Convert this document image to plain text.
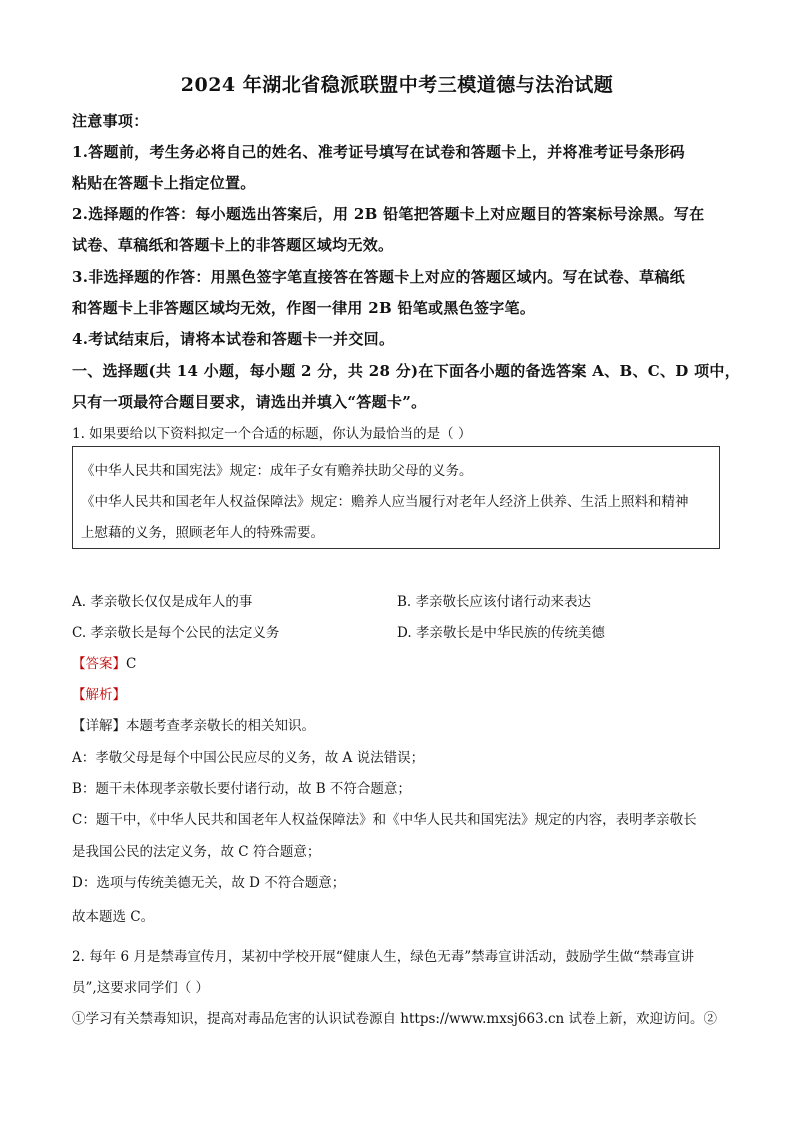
2024 年湖北省稳派联盟中考三模道德与法治试题
注意事项：
1.答题前，考生务必将自己的姓名、准考证号填写在试卷和答题卡上，并将准考证号条形码
粘贴在答题卡上指定位置。
2.选择题的作答：每小题选出答案后，用 2B 铅笔把答题卡上对应题目的答案标号涂黑。写在
试卷、草稿纸和答题卡上的非答题区域均无效。
3.非选择题的作答：用黑色签字笔直接答在答题卡上对应的答题区域内。写在试卷、草稿纸
和答题卡上非答题区域均无效，作图一律用 2B 铅笔或黑色签字笔。
4.考试结束后，请将本试卷和答题卡一并交回。
一、选择题(共 14 小题，每小题 2 分，共 28 分)在下面各小题的备选答案 A、B、C、D 项中，
只有一项最符合题目要求，请选出并填入“答题卡”。
1. 如果要给以下资料拟定一个合适的标题，你认为最恰当的是（ ）
《中华人民共和国宪法》规定：成年子女有赡养扶助父母的义务。
《中华人民共和国老年人权益保障法》规定：赡养人应当履行对老年人经济上供养、生活上照料和精神
上慰藉的义务，照顾老年人的特殊需要。
A. 孝亲敬长仅仅是成年人的事	B. 孝亲敬长应该付诸行动来表达
C. 孝亲敬长是每个公民的法定义务	D. 孝亲敬长是中华民族的传统美德
【答案】C
【解析】
【详解】本题考查孝亲敬长的相关知识。
A：孝敬父母是每个中国公民应尽的义务，故 A 说法错误；
B：题干未体现孝亲敬长要付诸行动，故 B 不符合题意；
C：题干中，《中华人民共和国老年人权益保障法》和《中华人民共和国宪法》规定的内容，表明孝亲敬长
是我国公民的法定义务，故 C 符合题意；
D：选项与传统美德无关，故 D 不符合题意；
故本题选 C。
2. 每年 6 月是禁毒宣传月，某初中学校开展“健康人生，绿色无毒”禁毒宣讲活动，鼓励学生做“禁毒宣讲
员”,这要求同学们（ ）
①学习有关禁毒知识，提高对毒品危害的认识试卷源自 https://www.mxsj663.cn 试卷上新，欢迎访问。②
